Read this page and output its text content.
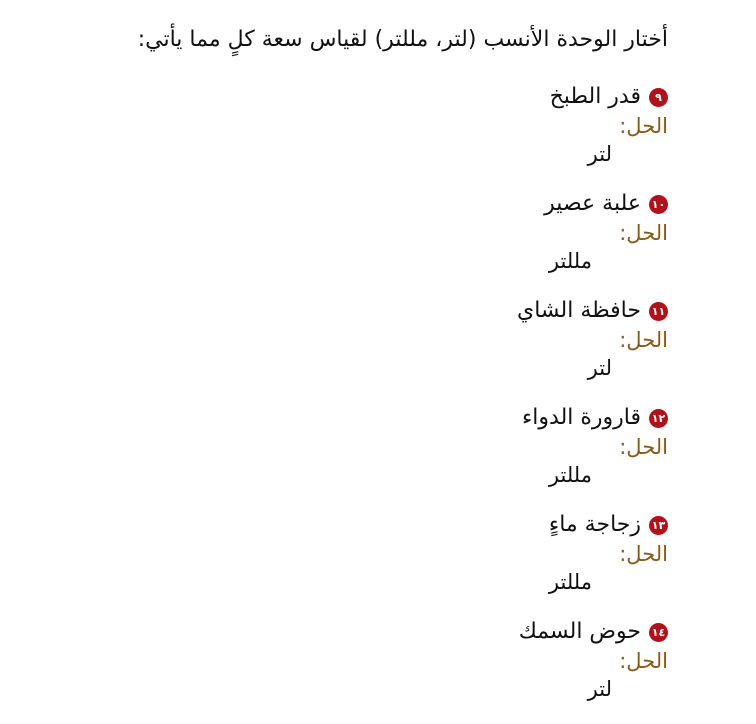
أختار الوحدة الأنسب (لتر، مللتر) لقياس سعة كلٍ مما يأتي:
٩
قدر الطبخ
الحل:
لتر
١٠
علبة عصير
الحل:
مللتر
١١
حافظة الشاي
الحل:
لتر
١٢
قارورة الدواء
الحل:
مللتر
١٣
زجاجة ماءٍ
الحل:
مللتر
١٤
حوض السمك
الحل:
لتر
